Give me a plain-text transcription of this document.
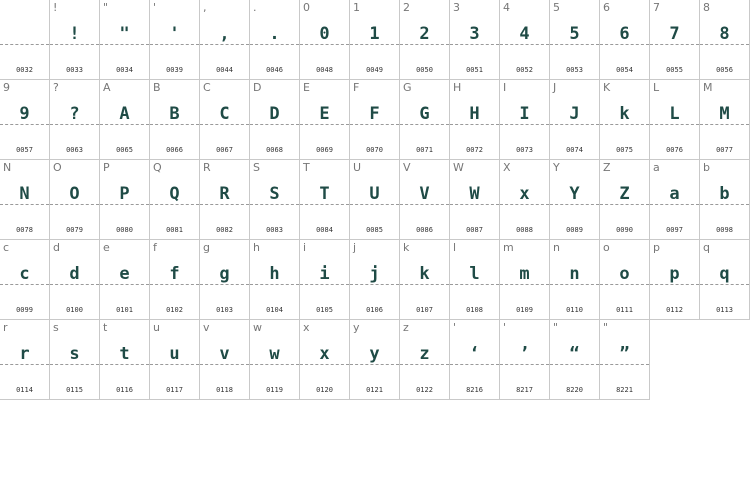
0032
!
!
0033
"
"
0034
'
'
0039
,
,
0044
.
.
0046
0
0
0048
1
1
0049
2
2
0050
3
3
0051
4
4
0052
5
5
0053
6
6
0054
7
7
0055
8
8
0056
9
9
0057
?
?
0063
A
A
0065
B
B
0066
C
C
0067
D
D
0068
E
E
0069
F
F
0070
G
G
0071
H
H
0072
I
I
0073
J
J
0074
K
k
0075
L
L
0076
M
M
0077
N
N
0078
O
O
0079
P
P
0080
Q
Q
0081
R
R
0082
S
S
0083
T
T
0084
U
U
0085
V
V
0086
W
W
0087
X
x
0088
Y
Y
0089
Z
Z
0090
a
a
0097
b
b
0098
c
c
0099
d
d
0100
e
e
0101
f
f
0102
g
g
0103
h
h
0104
i
i
0105
j
j
0106
k
k
0107
l
l
0108
m
m
0109
n
n
0110
o
o
0111
p
p
0112
q
q
0113
r
r
0114
s
s
0115
t
t
0116
u
u
0117
v
v
0118
w
w
0119
x
x
0120
y
y
0121
z
z
0122
'
‘
8216
'
’
8217
"
“
8220
"
”
8221
